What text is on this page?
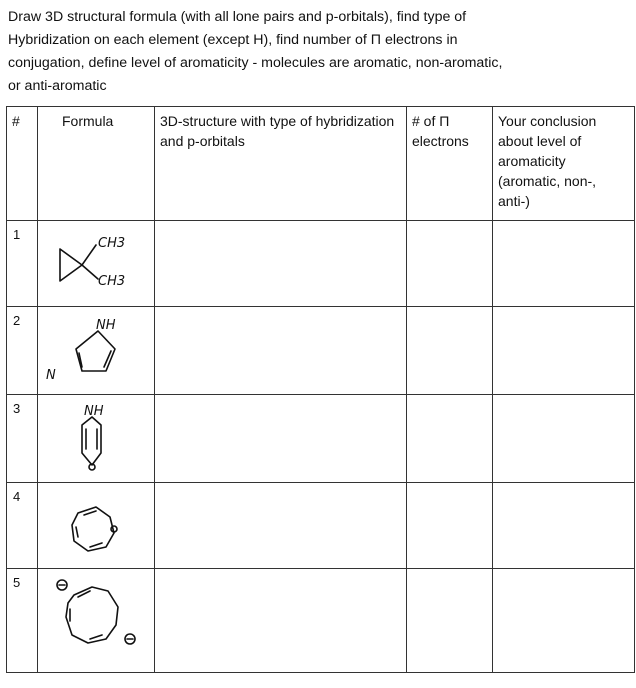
Draw 3D structural formula (with all lone pairs and p-orbitals), find type of
Hybridization on each element (except H), find number of Π electrons in
conjugation, define level of aromaticity - molecules are aromatic, non-aromatic,
or anti-aromatic
#	Formula	3D-structure with type of hybridization and p-orbitals	# of Π electrons	Your conclusion about level of aromaticity (aromatic, non-, anti-)
1	CH3
CH3			

2	NH
N			

3	NH			

4	

5	
